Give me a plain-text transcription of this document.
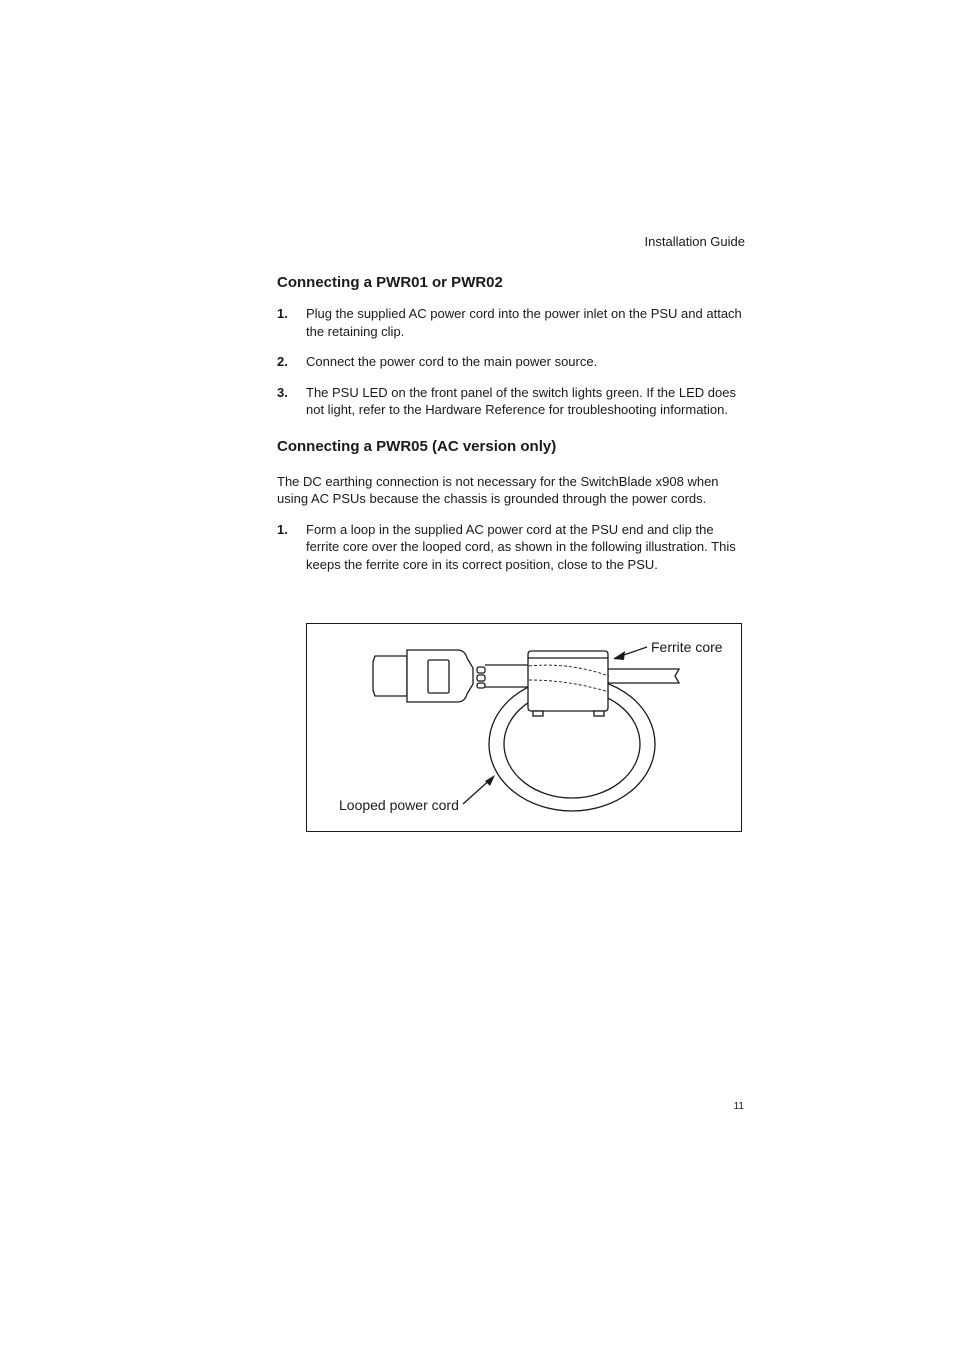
Installation Guide
Connecting a PWR01 or PWR02
1. Plug the supplied AC power cord into the power inlet on the PSU and attach the retaining clip.
2. Connect the power cord to the main power source.
3. The PSU LED on the front panel of the switch lights green. If the LED does not light, refer to the Hardware Reference for troubleshooting information.
Connecting a PWR05 (AC version only)

The DC earthing connection is not necessary for the SwitchBlade x908 when using AC PSUs because the chassis is grounded through the power cords.

1. Form a loop in the supplied AC power cord at the PSU end and clip the ferrite core over the looped cord, as shown in the following illustration. This keeps the ferrite core in its correct position, close to the PSU.
Ferrite core
Looped power cord
11
